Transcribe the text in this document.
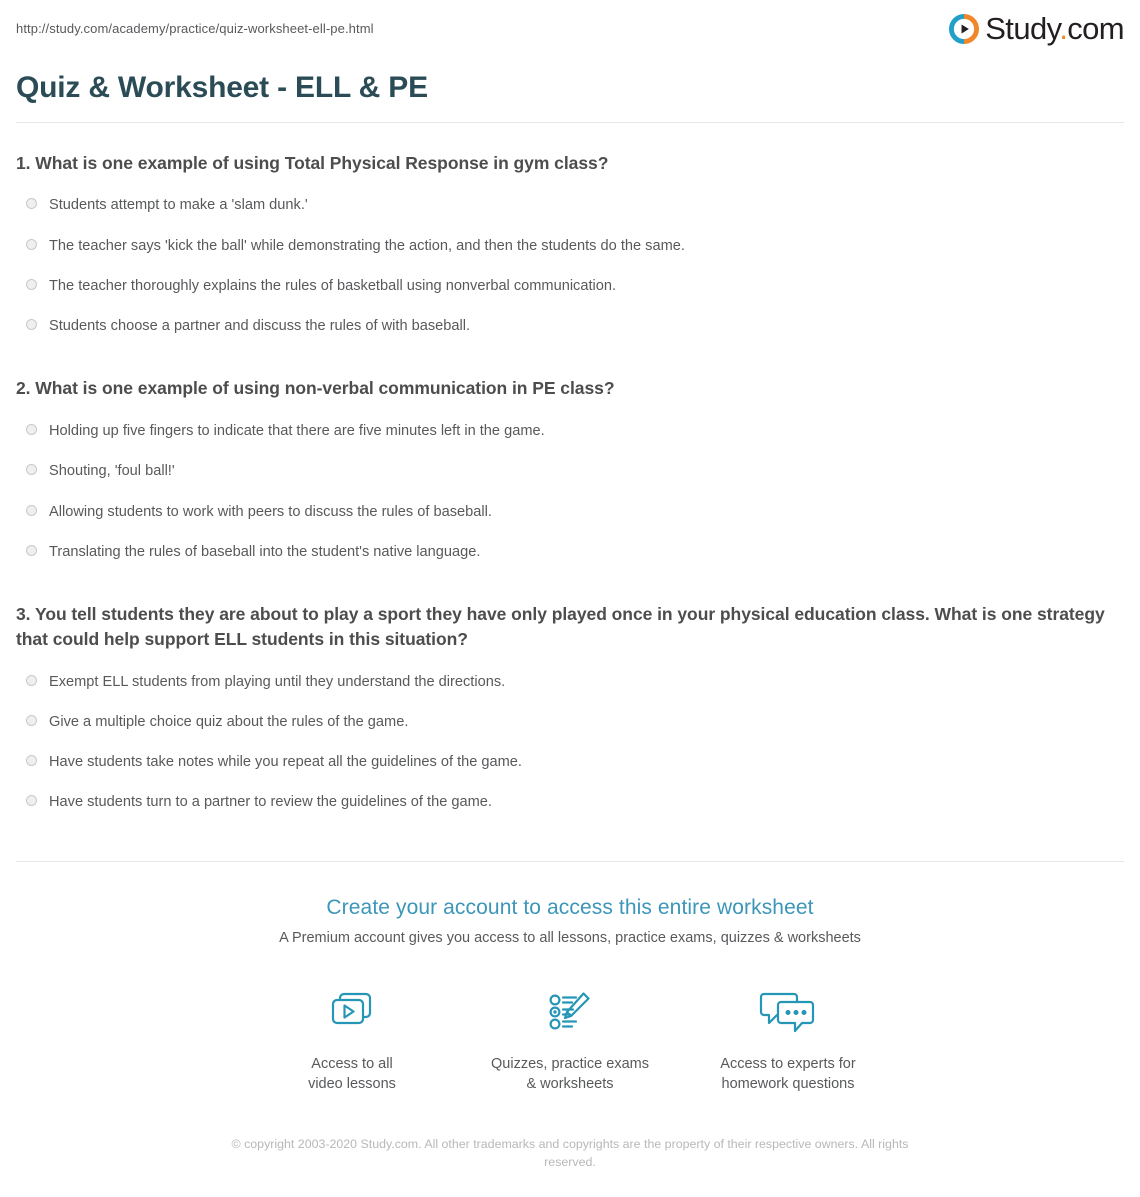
http://study.com/academy/practice/quiz-worksheet-ell-pe.html	Study.com
Quiz & Worksheet - ELL & PE

1. What is one example of using Total Physical Response in gym class?

Students attempt to make a 'slam dunk.'
The teacher says 'kick the ball' while demonstrating the action, and then the students do the same.
The teacher thoroughly explains the rules of basketball using nonverbal communication.
Students choose a partner and discuss the rules of with baseball.

2. What is one example of using non-verbal communication in PE class?

Holding up five fingers to indicate that there are five minutes left in the game.
Shouting, 'foul ball!'
Allowing students to work with peers to discuss the rules of baseball.
Translating the rules of baseball into the student's native language.

3. You tell students they are about to play a sport they have only played once in your physical education class. What is one strategy that could help support ELL students in this situation?

Exempt ELL students from playing until they understand the directions.
Give a multiple choice quiz about the rules of the game.
Have students take notes while you repeat all the guidelines of the game.
Have students turn to a partner to review the guidelines of the game.
Create your account to access this entire worksheet

A Premium account gives you access to all lessons, practice exams, quizzes & worksheets

Access to all
video lessons
Quizzes, practice exams
& worksheets
Access to experts for
homework questions
© copyright 2003-2020 Study.com. All other trademarks and copyrights are the property of their respective owners. All rights reserved.
